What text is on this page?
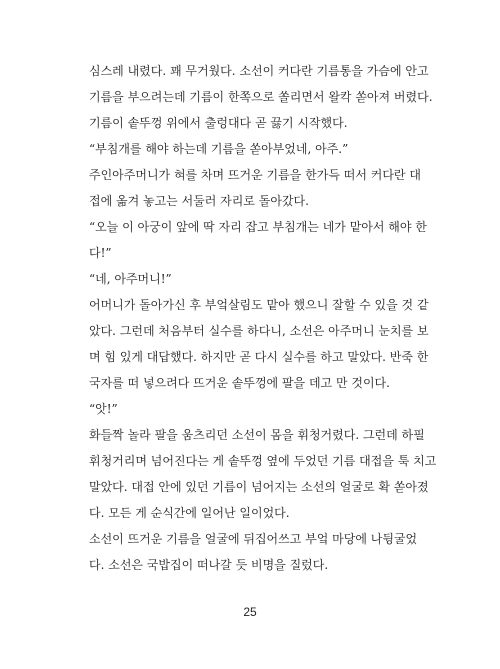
심스레 내렸다. 꽤 무거웠다. 소선이 커다란 기름통을 가슴에 안고
기름을 부으려는데 기름이 한쪽으로 쏠리면서 왈칵 쏟아져 버렸다.
기름이 솥뚜껑 위에서 출렁대다 곧 끓기 시작했다.
“부침개를 해야 하는데 기름을 쏟아부었네, 아주.”
주인아주머니가 혀를 차며 뜨거운 기름을 한가득 떠서 커다란 대
접에 옮겨 놓고는 서둘러 자리로 돌아갔다.
“오늘 이 아궁이 앞에 딱 자리 잡고 부침개는 네가 맡아서 해야 한
다!”
“네, 아주머니!”
어머니가 돌아가신 후 부엌살림도 맡아 했으니 잘할 수 있을 것 같
았다. 그런데 처음부터 실수를 하다니, 소선은 아주머니 눈치를 보
며 힘 있게 대답했다. 하지만 곧 다시 실수를 하고 말았다. 반죽 한
국자를 떠 넣으려다 뜨거운 솥뚜껑에 팔을 데고 만 것이다.
“앗!”
화들짝 놀라 팔을 움츠리던 소선이 몸을 휘청거렸다. 그런데 하필
휘청거리며 넘어진다는 게 솥뚜껑 옆에 두었던 기름 대접을 툭 치고
말았다. 대접 안에 있던 기름이 넘어지는 소선의 얼굴로 확 쏟아졌
다. 모든 게 순식간에 일어난 일이었다.
소선이 뜨거운 기름을 얼굴에 뒤집어쓰고 부엌 마당에 나뒹굴었
다. 소선은 국밥집이 떠나갈 듯 비명을 질렀다.
25
